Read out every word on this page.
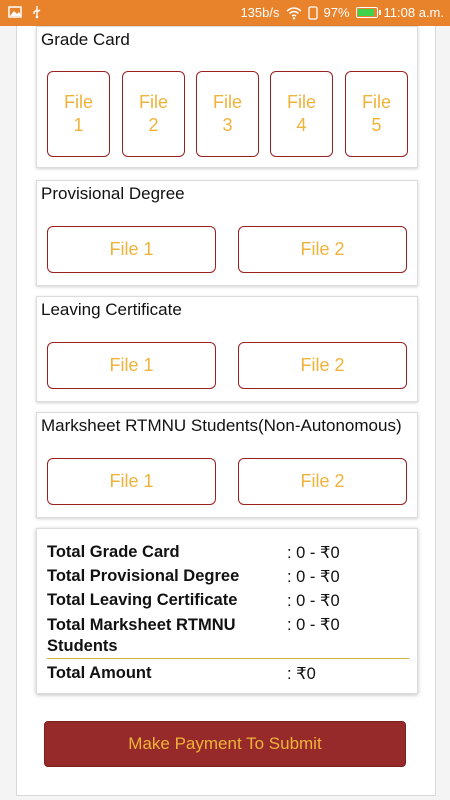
135b/s	97%	11:08 a.m.
Grade Card
File
1
File
2
File
3
File
4
File
5
Provisional Degree
File 1	File 2
Leaving Certificate
File 1	File 2
Marksheet RTMNU Students(Non-Autonomous)
File 1	File 2
Total Grade Card	: 0 - ₹0
Total Provisional Degree	: 0 - ₹0
Total Leaving Certificate	: 0 - ₹0
Total Marksheet RTMNU
Students
: 0 - ₹0
Total Amount	: ₹0
Make Payment To Submit
